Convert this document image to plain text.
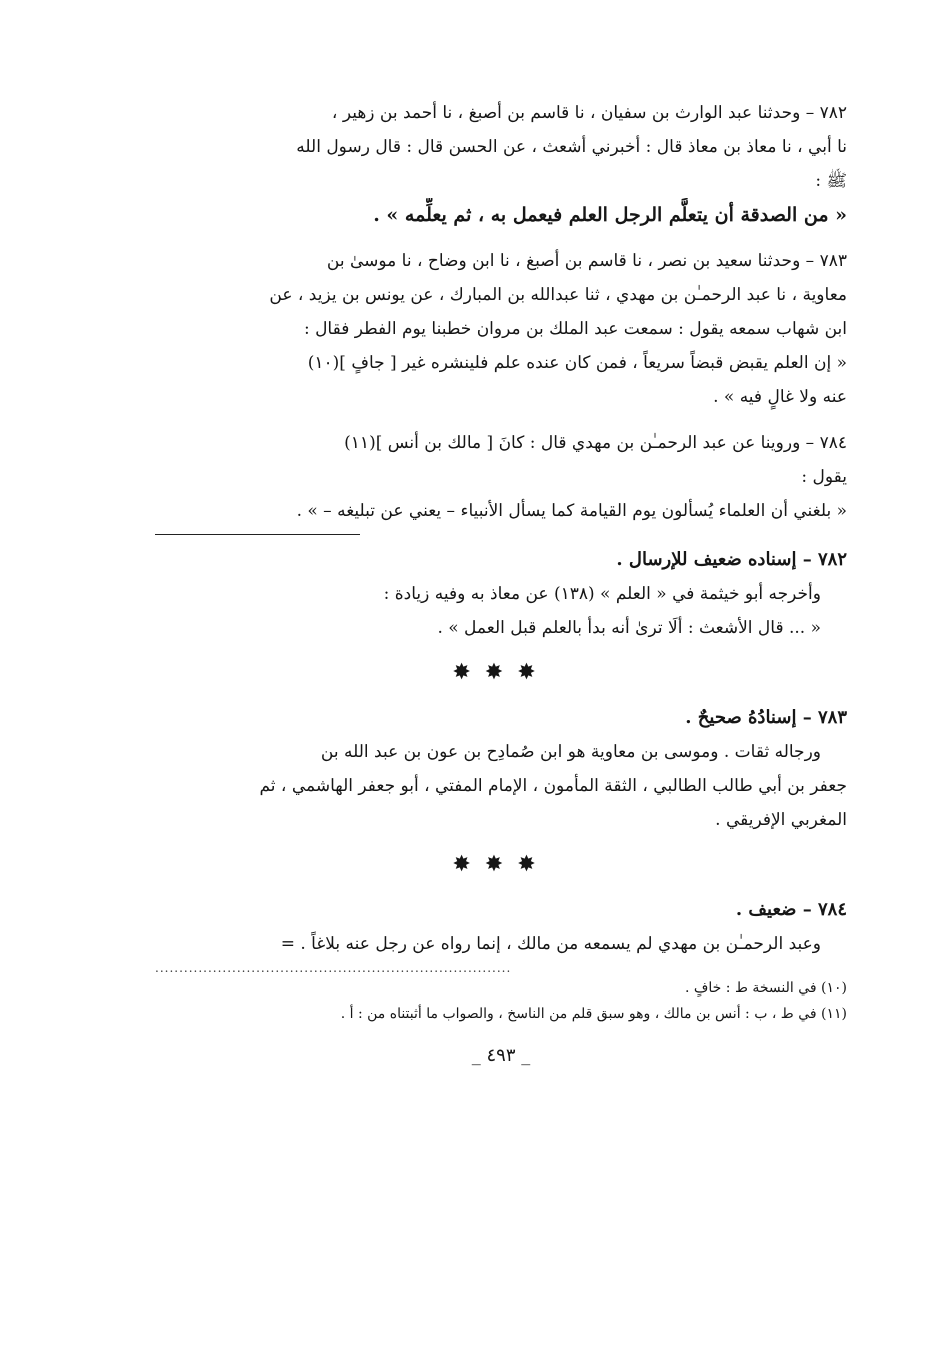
٧٨٢ – وحدثنا عبد الوارث بن سفيان ، نا قاسم بن أصبغ ، نا أحمد بن زهير ،
نا أبي ، نا معاذ بن معاذ قال : أخبرني أشعث ، عن الحسن قال : قال رسول الله
ﷺ :
« من الصدقة أن يتعلَّم الرجل العلم فيعمل به ، ثم يعلِّمه » .
٧٨٣ – وحدثنا سعيد بن نصر ، نا قاسم بن أصبغ ، نا ابن وضاح ، نا موسىٰ بن
معاوية ، نا عبد الرحمـٰن بن مهدي ، ثنا عبدالله بن المبارك ، عن يونس بن يزيد ، عن
ابن شهاب سمعه يقول : سمعت عبد الملك بن مروان خطبنا يوم الفطر فقال :
« إن العلم يقبض قبضاً سريعاً ، فمن كان عنده علم فلينشره غير [ جافٍ ](١٠)
عنه ولا غالٍ فيه » .
٧٨٤ – وروينا عن عبد الرحمـٰن بن مهدي قال : كانَ [ مالك بن أنس ](١١)
يقول :
« بلغني أن العلماء يُسألون يوم القيامة كما يسأل الأنبياء – يعني عن تبليغه – » .
٧٨٢ – إسناده ضعيف للإرسال .
وأخرجه أبو خيثمة في « العلم » (١٣٨) عن معاذ به وفيه زيادة :
« ... قال الأشعث : ألَا ترىٰ أنه بدأ بالعلم قبل العمل » .
✸✸✸
٧٨٣ – إسنادُهُ صحيحٌ .
ورجاله ثقات . وموسى بن معاوية هو ابن صُمادِح بن عون بن عبد الله بن
جعفر بن أبي طالب الطالبي ، الثقة المأمون ، الإمام المفتي ، أبو جعفر الهاشمي ، ثم
المغربي الإفريقي .
✸✸✸
٧٨٤ – ضعيف .
وعبد الرحمـٰن بن مهدي لم يسمعه من مالك ، إنما رواه عن رجل عنه بلاغاً . =
..........................................................................
(١٠) في النسخة ط : خافٍ .
(١١) في ط ، ب : أنس بن مالك ، وهو سبق قلم من الناسخ ، والصواب ما أثبتناه من : أ .
_ ٤٩٣ _
